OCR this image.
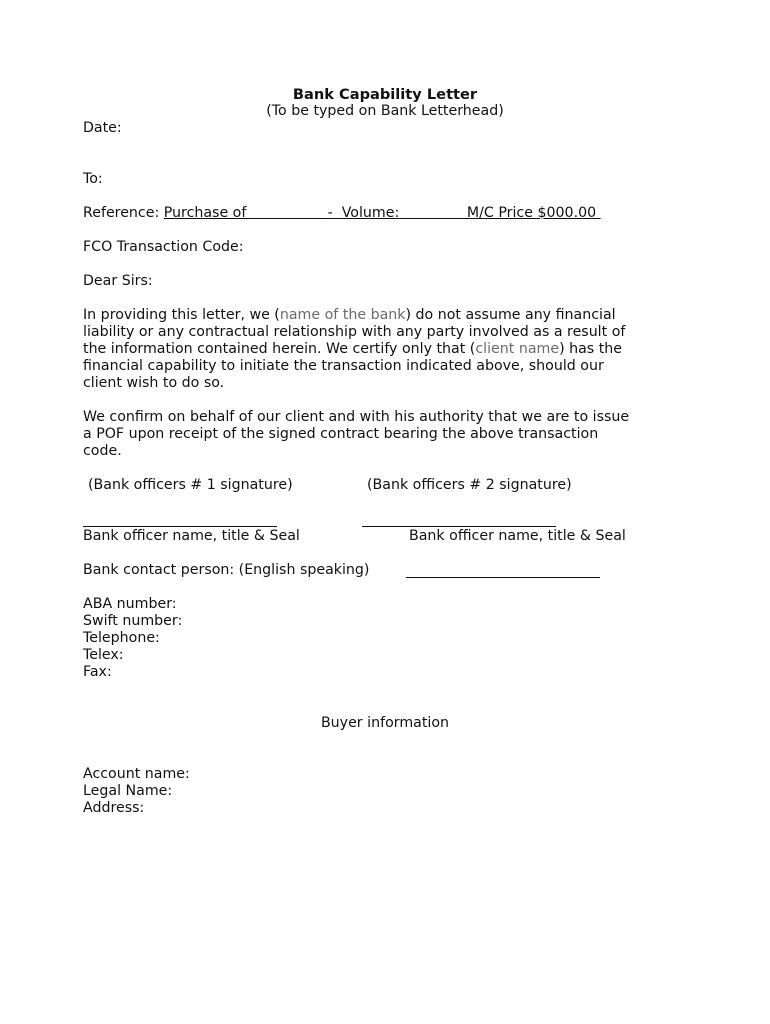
Bank Capability Letter
(To be typed on Bank Letterhead)
Date:
To:
Reference: Purchase of	-  Volume:	M/C Price $000.00
FCO Transaction Code:
Dear Sirs:
In providing this letter, we (name of the bank) do not assume any financial
liability or any contractual relationship with any party involved as a result of
the information contained herein. We certify only that (client name) has the
financial capability to initiate the transaction indicated above, should our
client wish to do so.
We confirm on behalf of our client and with his authority that we are to issue
a POF upon receipt of the signed contract bearing the above transaction
code.
(Bank officers # 1 signature)	(Bank officers # 2 signature)
Bank officer name, title & Seal	Bank officer name, title & Seal
Bank contact person: (English speaking)
ABA number:
Swift number:
Telephone:
Telex:
Fax:
Buyer information
Account name:
Legal Name:
Address:
